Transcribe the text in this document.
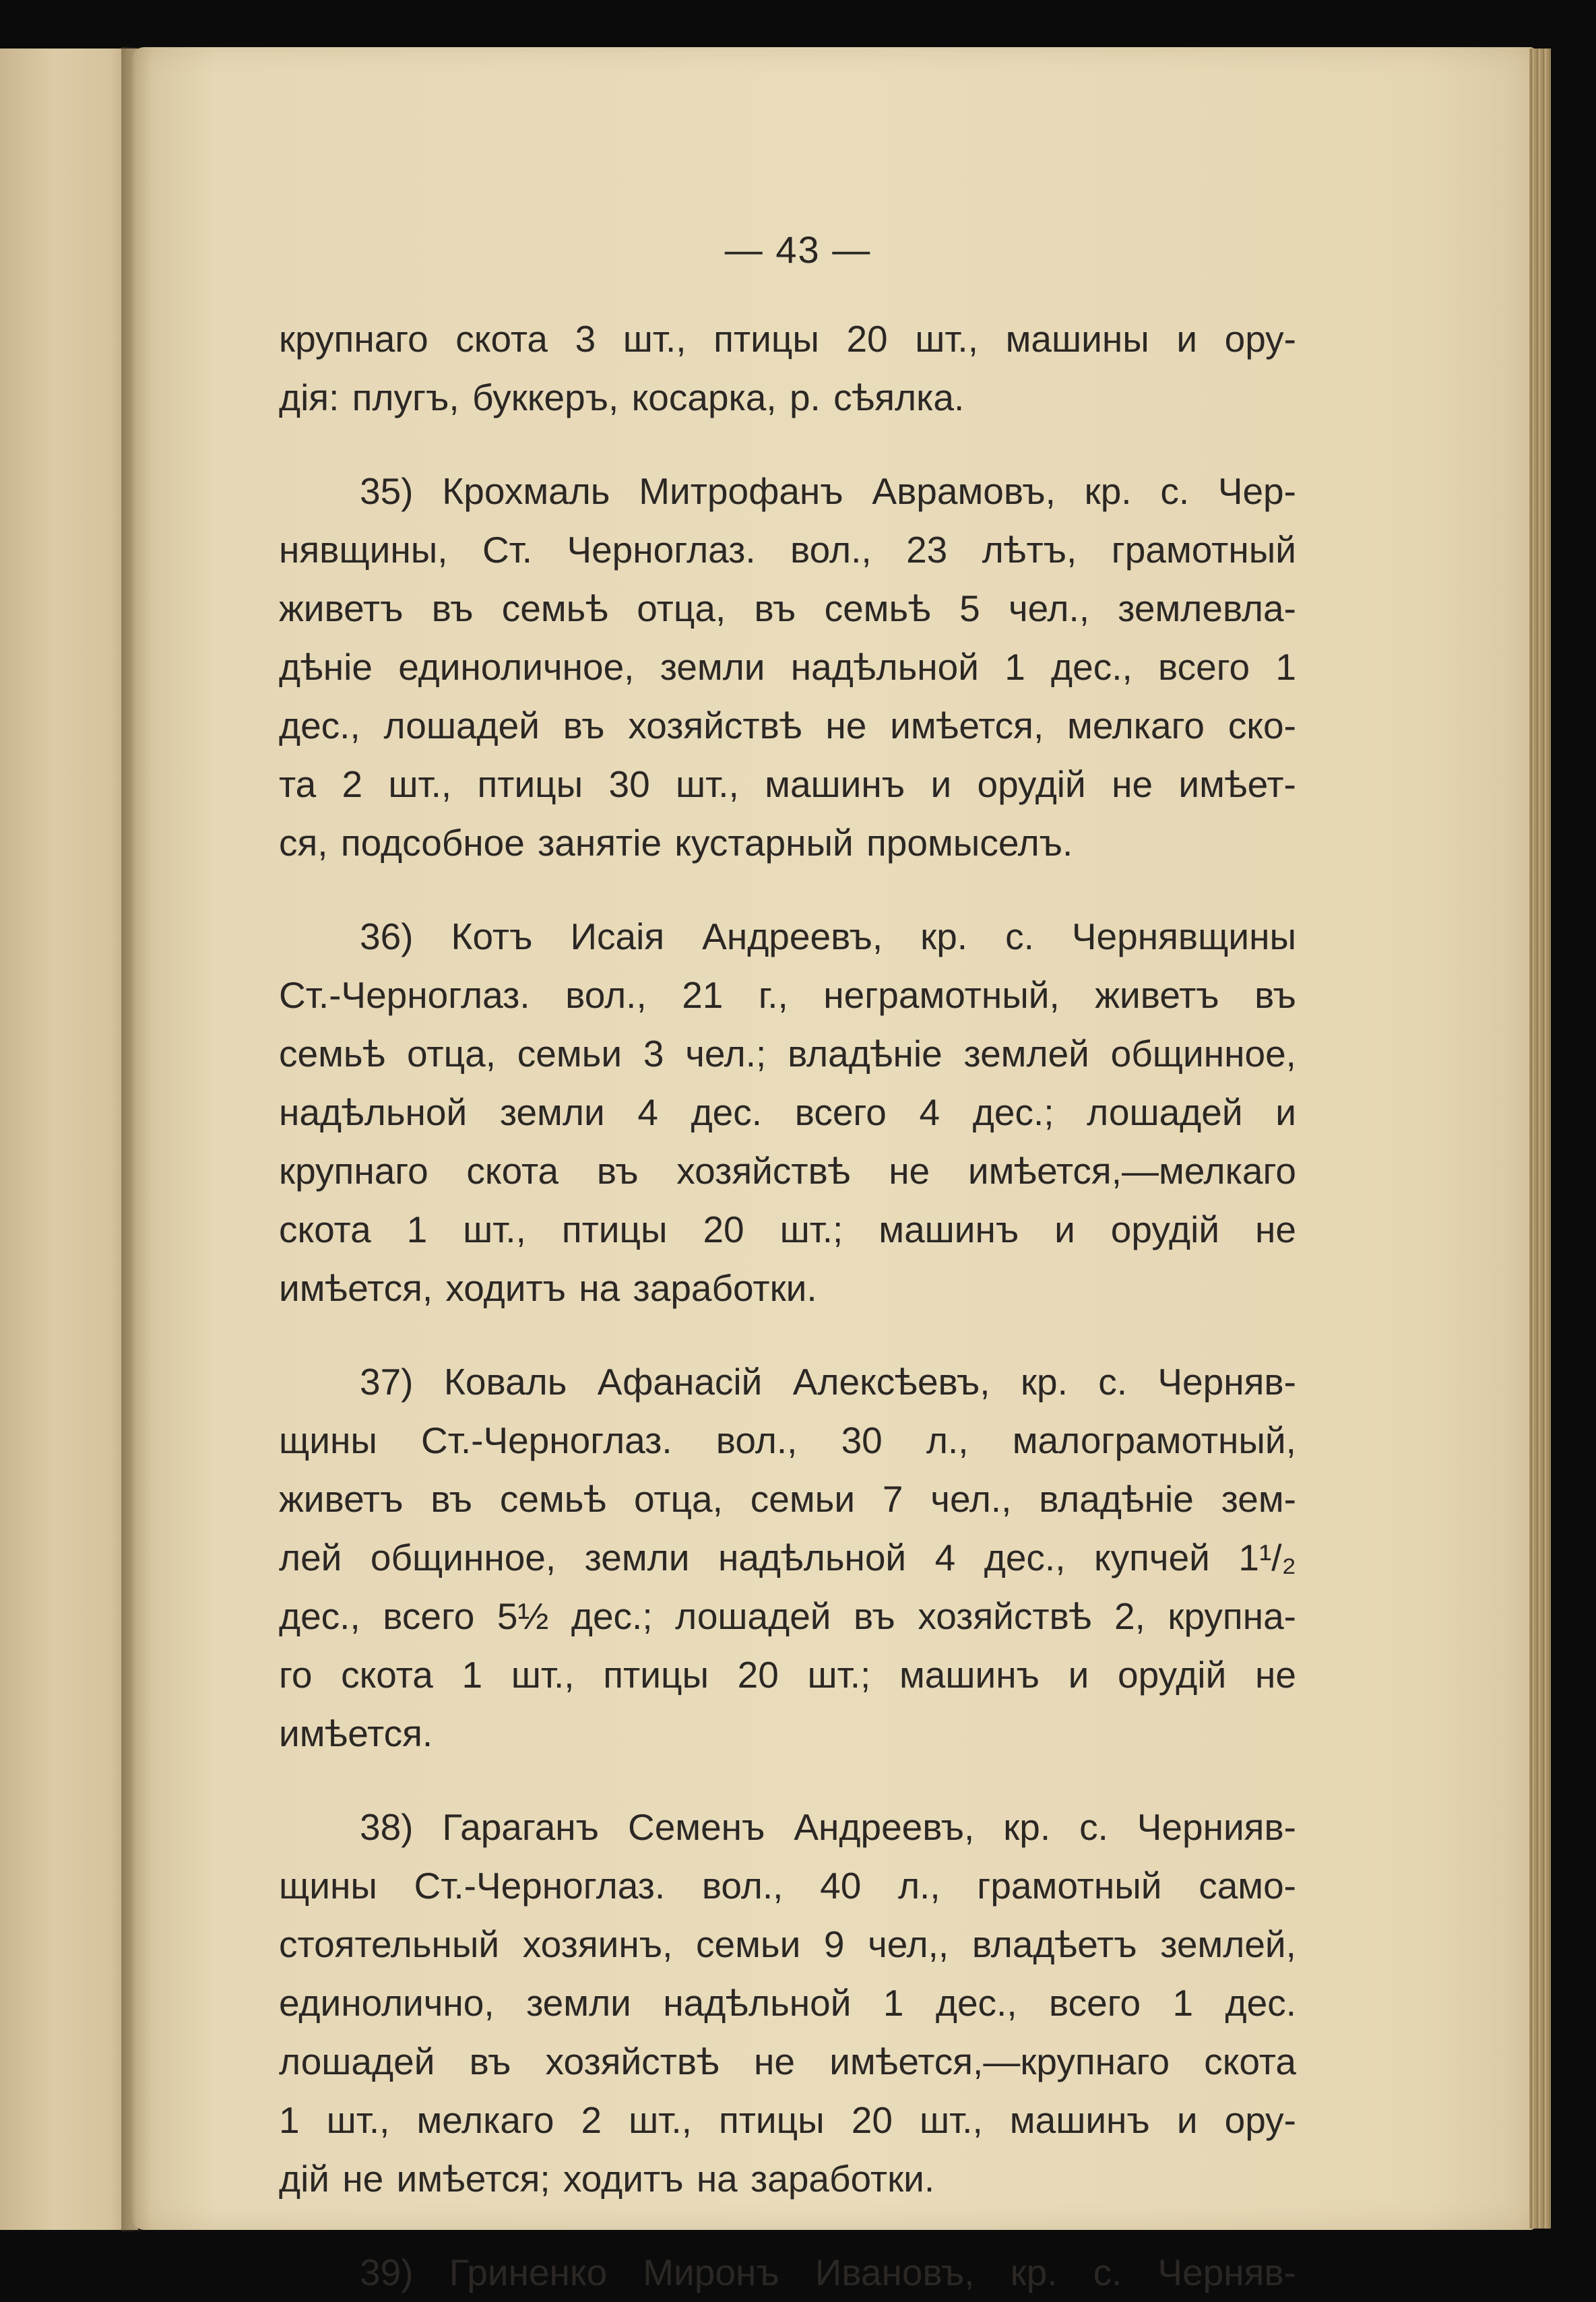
— 43 —
крупнаго скота 3 шт., птицы 20 шт., машины и ору-
дія: плугъ, буккеръ, косарка, р. сѣялка.
35) Крохмаль Митрофанъ Аврамовъ, кр. с. Чер-
нявщины, Ст. Черноглаз. вол., 23 лѣтъ, грамотный
живетъ въ семьѣ отца, въ семьѣ 5 чел., землевла-
дѣніе единоличное, земли надѣльной 1 дес., всего 1
дес., лошадей въ хозяйствѣ не имѣется, мелкаго ско-
та 2 шт., птицы 30 шт., машинъ и орудій не имѣет-
ся, подсобное занятіе кустарный промыселъ.
36) Котъ Исаія Андреевъ, кр. с. Чернявщины
Ст.-Черноглаз. вол., 21 г., неграмотный, живетъ въ
семьѣ отца, семьи 3 чел.; владѣніе землей общинное,
надѣльной земли 4 дес. всего 4 дес.; лошадей и
крупнаго скота въ хозяйствѣ не имѣется,—мелкаго
скота 1 шт., птицы 20 шт.; машинъ и орудій не
имѣется, ходитъ на заработки.
37) Коваль Афанасій Алексѣевъ, кр. с. Черняв-
щины Ст.-Черноглаз. вол., 30 л., малограмотный,
живетъ въ семьѣ отца, семьи 7 чел., владѣніе зем-
лей общинное, земли надѣльной 4 дес., купчей 1¹/₂
дес., всего 5½ дес.; лошадей въ хозяйствѣ 2, крупна-
го скота 1 шт., птицы 20 шт.; машинъ и орудій не
имѣется.
38) Гараганъ Семенъ Андреевъ, кр. с. Чернияв-
щины Ст.-Черноглаз. вол., 40 л., грамотный само-
стоятельный хозяинъ, семьи 9 чел,, владѣетъ землей,
единолично, земли надѣльной 1 дес., всего 1 дес.
лошадей въ хозяйствѣ не имѣется,—крупнаго скота
1 шт., мелкаго 2 шт., птицы 20 шт., машинъ и ору-
дій не имѣется; ходитъ на заработки.
39) Гриненко Миронъ Ивановъ, кр. с. Черняв-
